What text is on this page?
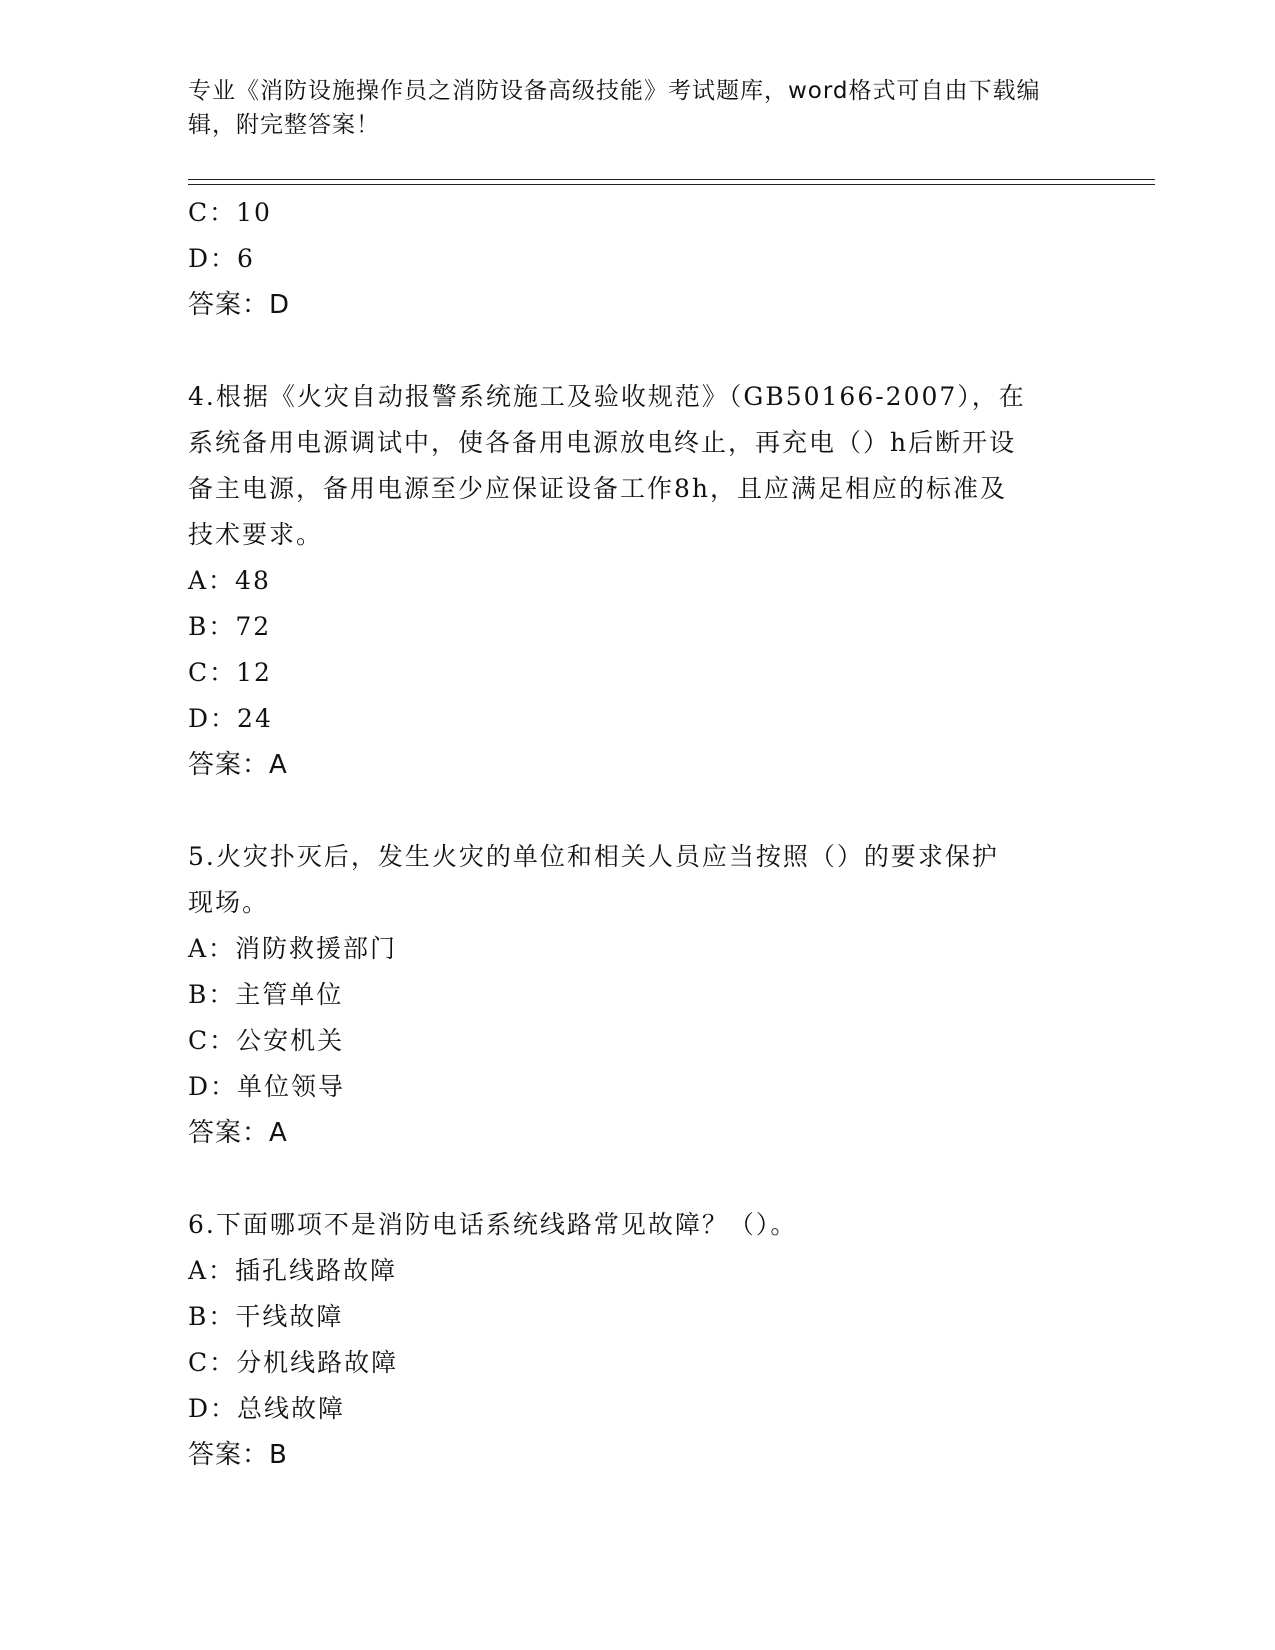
专业《消防设施操作员之消防设备高级技能》考试题库，word格式可自由下载编
辑，附完整答案！
C：10
D：6
答案：D
4.根据《火灾自动报警系统施工及验收规范》（GB50166-2007），在
系统备用电源调试中，使各备用电源放电终止，再充电（）h后断开设
备主电源，备用电源至少应保证设备工作8h，且应满足相应的标准及
技术要求。
A：48
B：72
C：12
D：24
答案：A
5.火灾扑灭后，发生火灾的单位和相关人员应当按照（）的要求保护
现场。
A：消防救援部门
B：主管单位
C：公安机关
D：单位领导
答案：A
6.下面哪项不是消防电话系统线路常见故障？（）。
A：插孔线路故障
B：干线故障
C：分机线路故障
D：总线故障
答案：B
